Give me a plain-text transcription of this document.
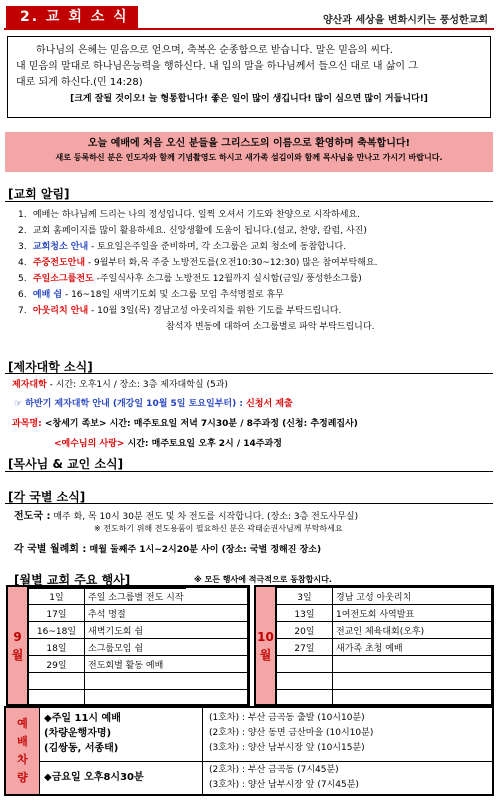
2. 교 회 소 식	양산과 세상을 변화시키는 풍성한교회
하나님의 은혜는 믿음으로 얻으며, 축복은 순종함으로 받습니다. 말은 믿음의 씨다.
내 믿음의 말대로 하나님은능력을 행하신다. 내 입의 말을 하나님께서 들으신 대로 내 삶이 그
대로 되게 하신다.(민 14:28)
[크게 잘될 것이오! 늘 형통합니다! 좋은 일이 많이 생깁니다! 많이 심으면 많이 거둡니다!]
오늘 예배에 처음 오신 분들을 그리스도의 이름으로 환영하며 축복합니다!
새로 등록하신 분은 인도자와 함께 기념촬영도 하시고 새가족 섬김이와 함께 목사님을 만나고 가시기 바랍니다.
[교회 알림]
1. 예배는 하나님께 드리는 나의 정성입니다. 일찍 오셔서 기도와 찬양으로 시작하세요.
2. 교회 홈페이지를 많이 활용하세요. 신앙생활에 도움이 됩니다.(설교, 찬양, 칼럼, 사진)
3. 교회청소 안내 - 토요일은주일을 준비하며, 각 소그룹은 교회 청소에 동참합니다.
4. 주중전도안내 - 9월부터 화,목 주중 노방전도를(오전10:30~12:30) 많은 참여부탁해요.
5. 주일소그룹전도 -주일식사후 소그룹 노방전도 12월까지 실시함(금일/ 풍성한소그룹)
6. 예배 쉼 - 16~18일 새벽기도회 및 소그룹 모임 추석명절로 휴무
7. 아웃리치 안내 - 10월 3일(목) 경남고성 아웃리치를 위한 기도를 부탁드립니다.
참석자 변동에 대하여 소그룹별로 파악 부탁드립니다.
[제자대학 소식]
제자대학 - 시간: 오후1시 / 장소: 3층 제자대학실 (5과)
☞ 하반기 제자대학 안내 (개강일 10월 5일 토요일부터) : 신청서 제출
과목명: <창세기 족보> 시간: 매주토요일 저녁 7시30분 / 8주과정 (신청: 추정례집사)
<예수님의 사랑> 시간: 매주토요일 오후 2시 / 14주과정
[목사님 & 교인 소식]
[각 국별 소식]
전도국 : 매주 화, 목 10시 30분 전도 및 차 전도를 시작합니다. (장소: 3층 전도사무실)
※ 전도하기 위해 전도용품이 필요하신 분은 곽태순권사님께 부탁하세요
각 국별 월례회 : 매월 둘째주 1시~2시20분 사이 (장소: 국별 정해진 장소)
[월별 교회 주요 행사]	※ 모든 행사에 적극적으로 동참합시다.
9
월
1일	주일 소그룹별 전도 시작
17일	추석 명절
16~18일	새벽기도회 쉼
18일	소그룹모임 쉼
29일	전도회별 활동 예배

10
월
3일	경남 고성 아웃리치
13일	1여전도회 사역발표
20일	전교인 체육대회(오후)
27일	새가족 초청 예배

예
배
차
량
◆주일 11시 예배
(차량운행자명)
(김쌍동, 서종태)
(1호차) : 부산 금곡동 출발 (10시10분)
(2호차) : 양산 동면 금산마을 (10시10분)
(3호차) : 양산 남부시장 앞 (10시15분)
◆금요일 오후8시30분
(2호차) : 부산 금곡동 (7시45분)
(3호차) : 양산 남부시장 앞 (7시45분)
